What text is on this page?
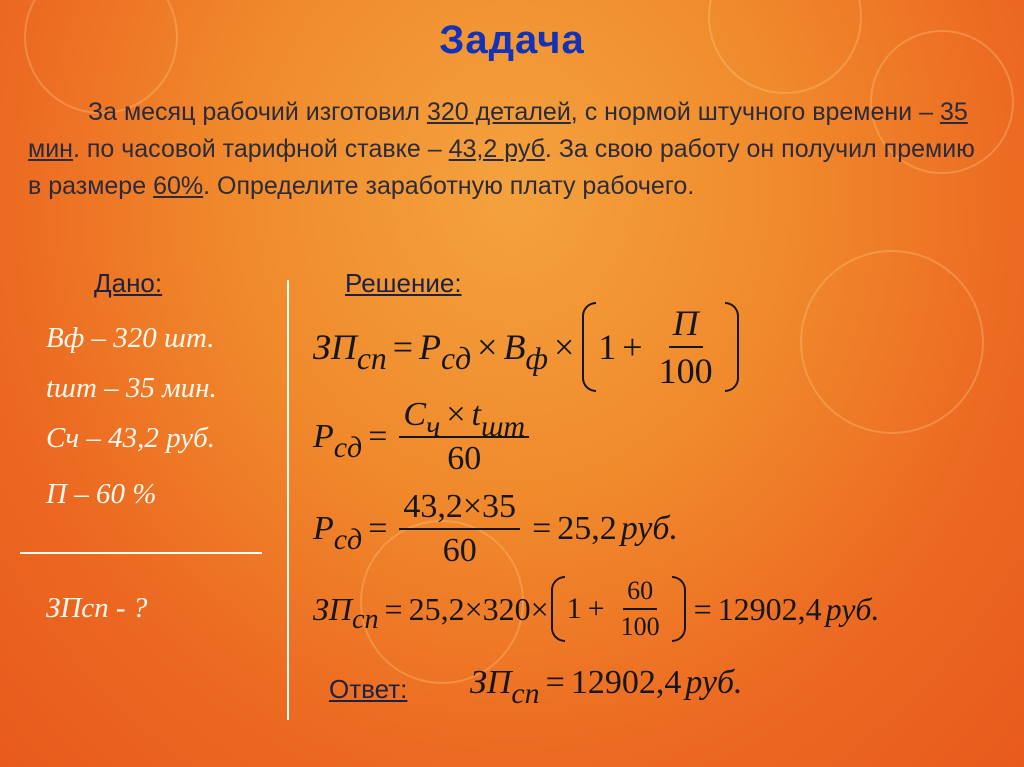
Задача
За месяц рабочий изготовил 320 деталей, с нормой штучного времени – 35 мин. по часовой тарифной ставке – 43,2 руб. За свою работу он получил премию в размере 60%. Определите заработную плату рабочего.
Дано:
Вф – 320 шт.
tшт – 35 мин.
Сч – 43,2 руб.
П – 60 %
ЗПсп - ?
Решение:
ЗП сп = Р сд × В $ф \times 1 + \frac{П}{100}$
Р сд = $\frac{\text{Сч × tшт}}{60}$
Р сд = $\frac{43,2\times 35}{60} = 25,2$ руб.
ЗП сп = $25,2\times 320\times 1 + \frac{60}{100} = 12902,4$ руб.
Ответ: ЗП сп = 12902,4 руб.
